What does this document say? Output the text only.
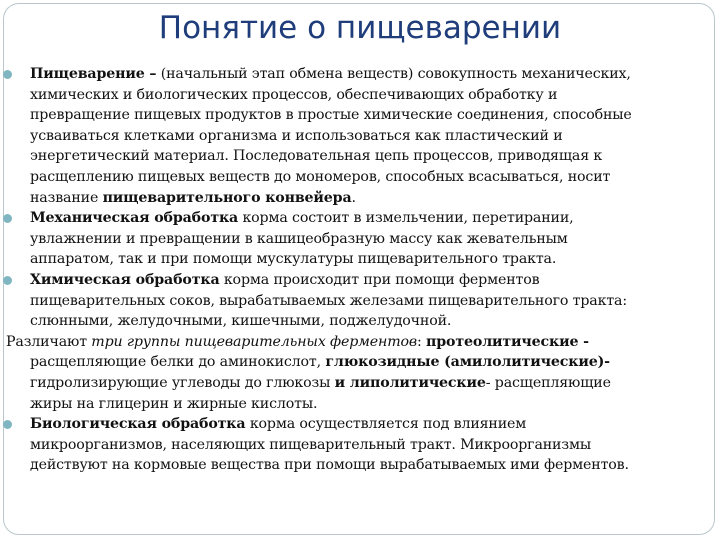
Понятие о пищеварении

Пищеварение – (начальный этап обмена веществ) совокупность механических,
химических и биологических процессов, обеспечивающих обработку и
превращение пищевых продуктов в простые химические соединения, способные
усваиваться клетками организма и использоваться как пластический и
энергетический материал. Последовательная цепь процессов, приводящая к
расщеплению пищевых веществ до мономеров, способных всасываться, носит
название пищеварительного конвейера.

Механическая обработка корма состоит в измельчении, перетирании,
увлажнении и превращении в кашицеобразную массу как жевательным
аппаратом, так и при помощи мускулатуры пищеварительного тракта.

Химическая обработка корма происходит при помощи ферментов
пищеварительных соков, вырабатываемых железами пищеварительного тракта:
слюнными, желудочными, кишечными, поджелудочной.

Различают три группы пищеварительных ферментов: протеолитические -
расщепляющие белки до аминокислот, глюкозидные (амилолитические)-
гидролизирующие углеводы до глюкозы и липолитические- расщепляющие
жиры на глицерин и жирные кислоты.

Биологическая обработка корма осуществляется под влиянием
микроорганизмов, населяющих пищеварительный тракт. Микроорганизмы
действуют на кормовые вещества при помощи вырабатываемых ими ферментов.
